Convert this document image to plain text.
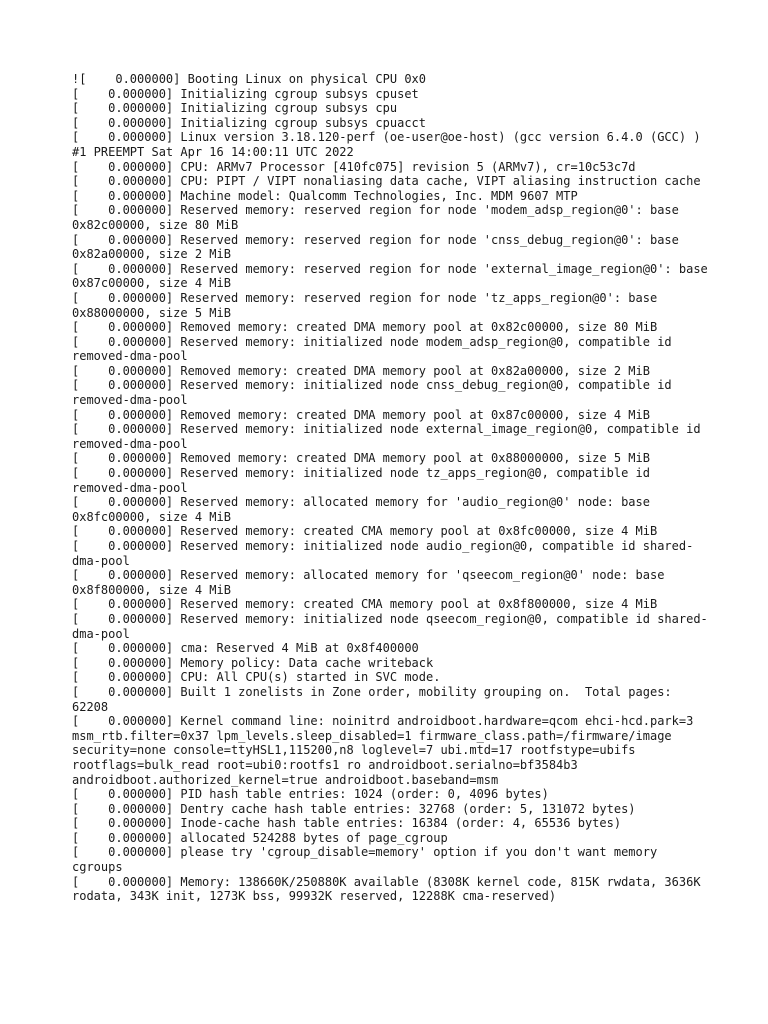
![    0.000000] Booting Linux on physical CPU 0x0
[    0.000000] Initializing cgroup subsys cpuset
[    0.000000] Initializing cgroup subsys cpu
[    0.000000] Initializing cgroup subsys cpuacct
[    0.000000] Linux version 3.18.120-perf (oe-user@oe-host) (gcc version 6.4.0 (GCC) ) #1 PREEMPT Sat Apr 16 14:00:11 UTC 2022
[    0.000000] CPU: ARMv7 Processor [410fc075] revision 5 (ARMv7), cr=10c53c7d
[    0.000000] CPU: PIPT / VIPT nonaliasing data cache, VIPT aliasing instruction cache
[    0.000000] Machine model: Qualcomm Technologies, Inc. MDM 9607 MTP
[    0.000000] Reserved memory: reserved region for node 'modem_adsp_region@0': base 0x82c00000, size 80 MiB
[    0.000000] Reserved memory: reserved region for node 'cnss_debug_region@0': base 0x82a00000, size 2 MiB
[    0.000000] Reserved memory: reserved region for node 'external_image_region@0': base 0x87c00000, size 4 MiB
[    0.000000] Reserved memory: reserved region for node 'tz_apps_region@0': base 0x88000000, size 5 MiB
[    0.000000] Removed memory: created DMA memory pool at 0x82c00000, size 80 MiB
[    0.000000] Reserved memory: initialized node modem_adsp_region@0, compatible id removed-dma-pool
[    0.000000] Removed memory: created DMA memory pool at 0x82a00000, size 2 MiB
[    0.000000] Reserved memory: initialized node cnss_debug_region@0, compatible id removed-dma-pool
[    0.000000] Removed memory: created DMA memory pool at 0x87c00000, size 4 MiB
[    0.000000] Reserved memory: initialized node external_image_region@0, compatible id removed-dma-pool
[    0.000000] Removed memory: created DMA memory pool at 0x88000000, size 5 MiB
[    0.000000] Reserved memory: initialized node tz_apps_region@0, compatible id removed-dma-pool
[    0.000000] Reserved memory: allocated memory for 'audio_region@0' node: base 0x8fc00000, size 4 MiB
[    0.000000] Reserved memory: created CMA memory pool at 0x8fc00000, size 4 MiB
[    0.000000] Reserved memory: initialized node audio_region@0, compatible id shared-dma-pool
[    0.000000] Reserved memory: allocated memory for 'qseecom_region@0' node: base 0x8f800000, size 4 MiB
[    0.000000] Reserved memory: created CMA memory pool at 0x8f800000, size 4 MiB
[    0.000000] Reserved memory: initialized node qseecom_region@0, compatible id shared-dma-pool
[    0.000000] cma: Reserved 4 MiB at 0x8f400000
[    0.000000] Memory policy: Data cache writeback
[    0.000000] CPU: All CPU(s) started in SVC mode.
[    0.000000] Built 1 zonelists in Zone order, mobility grouping on.  Total pages: 62208
[    0.000000] Kernel command line: noinitrd androidboot.hardware=qcom ehci-hcd.park=3 msm_rtb.filter=0x37 lpm_levels.sleep_disabled=1 firmware_class.path=/firmware/image security=none console=ttyHSL1,115200,n8 loglevel=7 ubi.mtd=17 rootfstype=ubifs rootflags=bulk_read root=ubi0:rootfs1 ro androidboot.serialno=bf3584b3 androidboot.authorized_kernel=true androidboot.baseband=msm
[    0.000000] PID hash table entries: 1024 (order: 0, 4096 bytes)
[    0.000000] Dentry cache hash table entries: 32768 (order: 5, 131072 bytes)
[    0.000000] Inode-cache hash table entries: 16384 (order: 4, 65536 bytes)
[    0.000000] allocated 524288 bytes of page_cgroup
[    0.000000] please try 'cgroup_disable=memory' option if you don't want memory cgroups
[    0.000000] Memory: 138660K/250880K available (8308K kernel code, 815K rwdata, 3636K rodata, 343K init, 1273K bss, 99932K reserved, 12288K cma-reserved)
